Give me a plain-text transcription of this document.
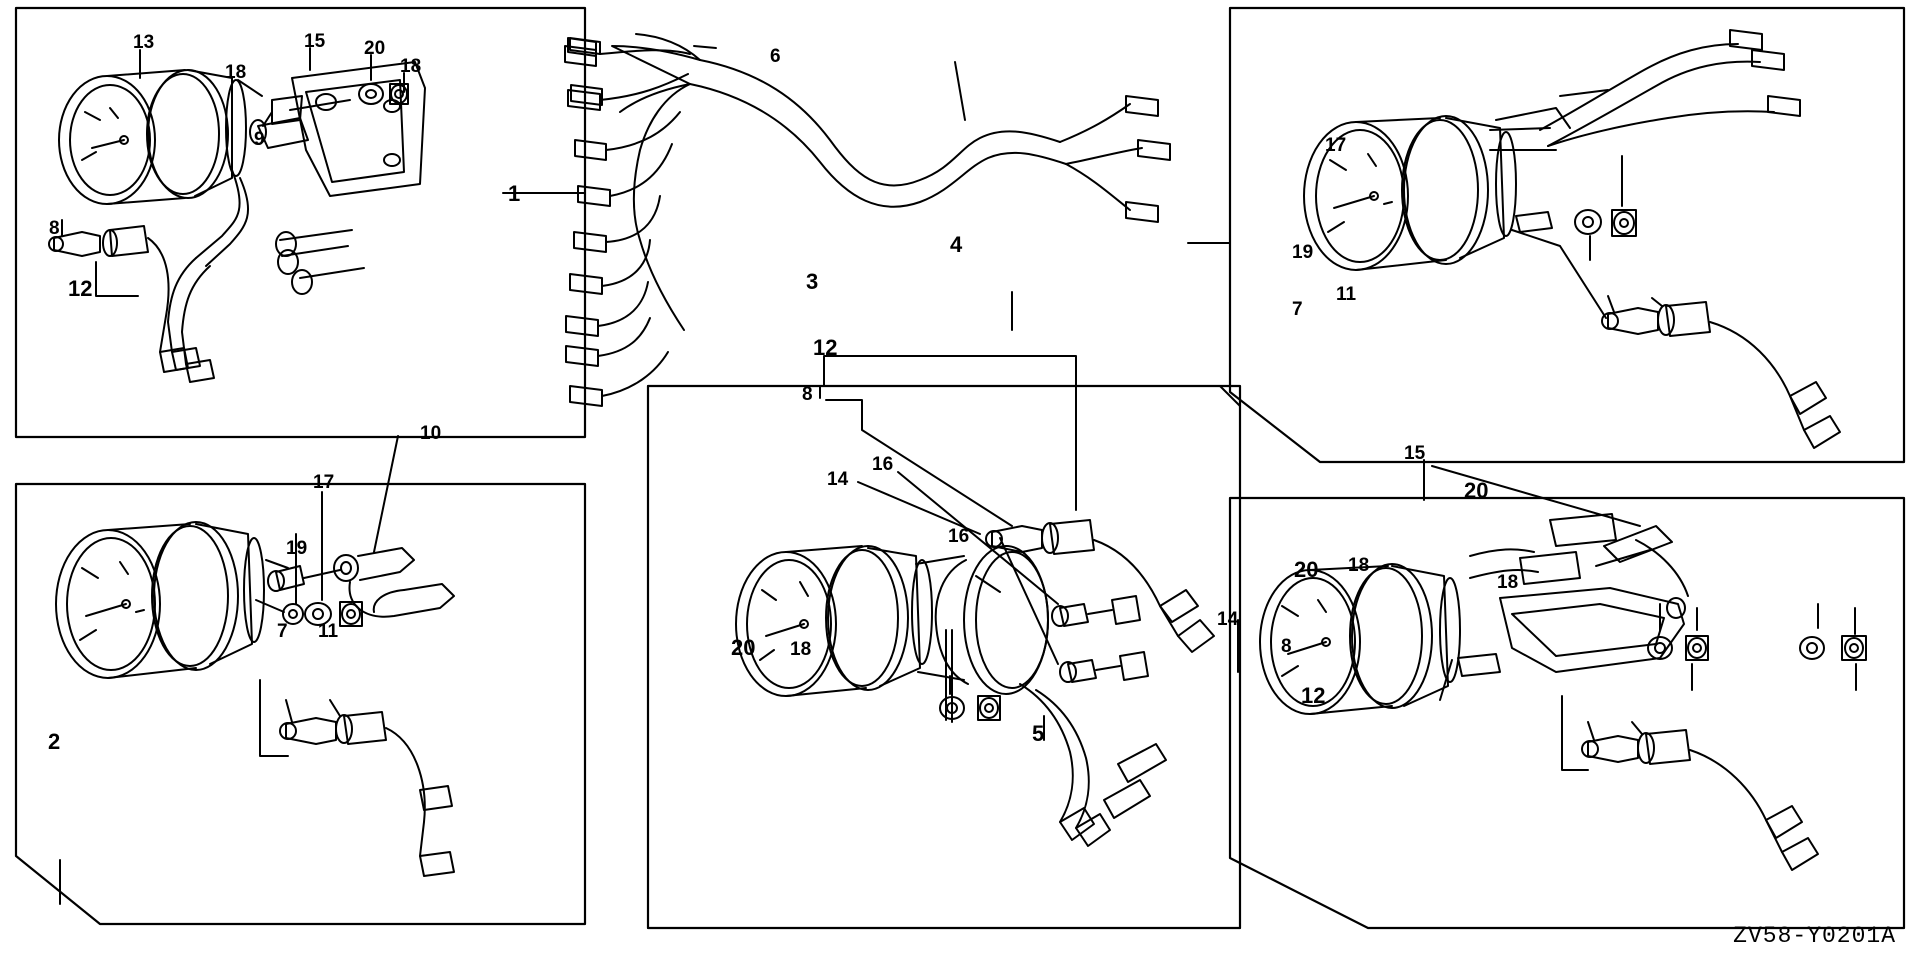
13	15 20
18	18
9
8
12
1
10
17
19
7 11
2
6
3
12
8
14
16
16
20 18
4
17
19
7
11
5
15
20
20 18
18
14
8
12
ZV58-Y0201A
